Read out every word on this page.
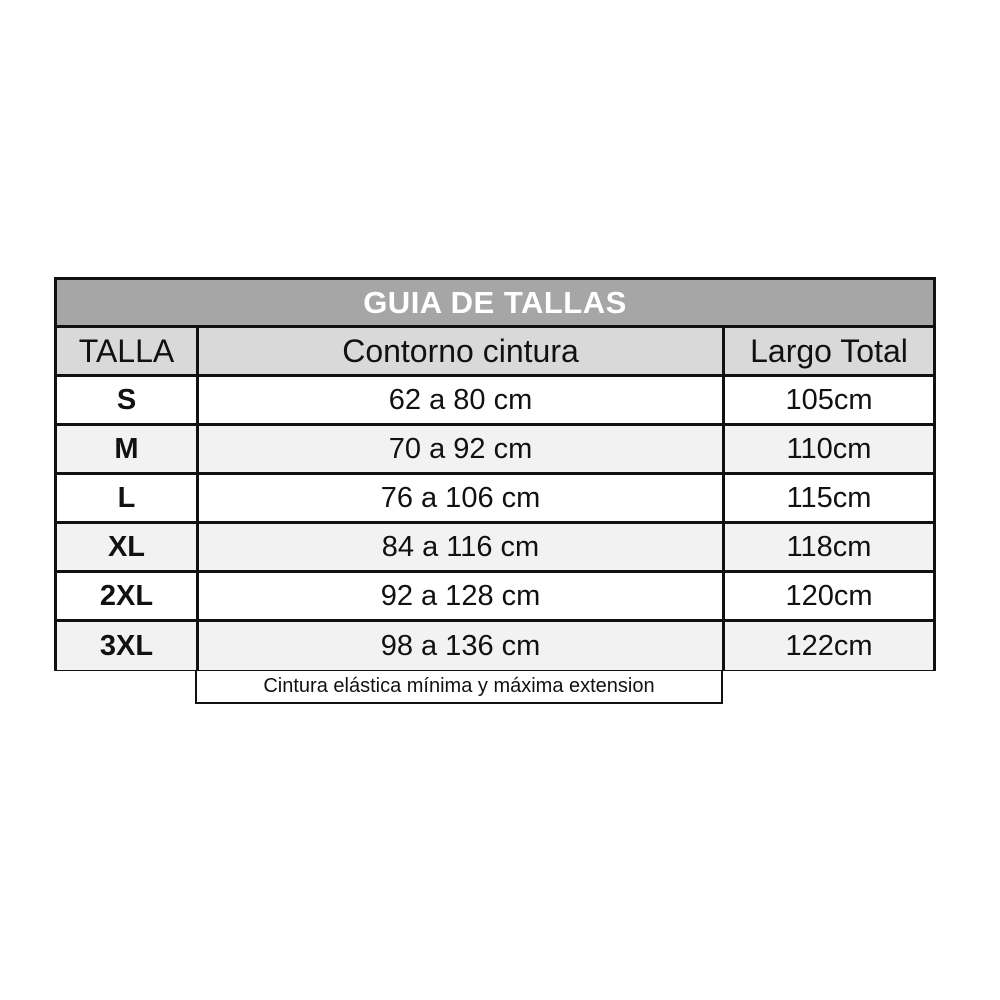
GUIA DE TALLAS
TALLA	Contorno cintura	Largo Total
S	62 a 80 cm	105cm
M	70 a 92 cm	110cm
L	76 a 106 cm	115cm
XL	84 a 116 cm	118cm
2XL	92 a 128 cm	120cm
3XL	98 a 136 cm	122cm
Cintura elástica mínima y máxima extension
